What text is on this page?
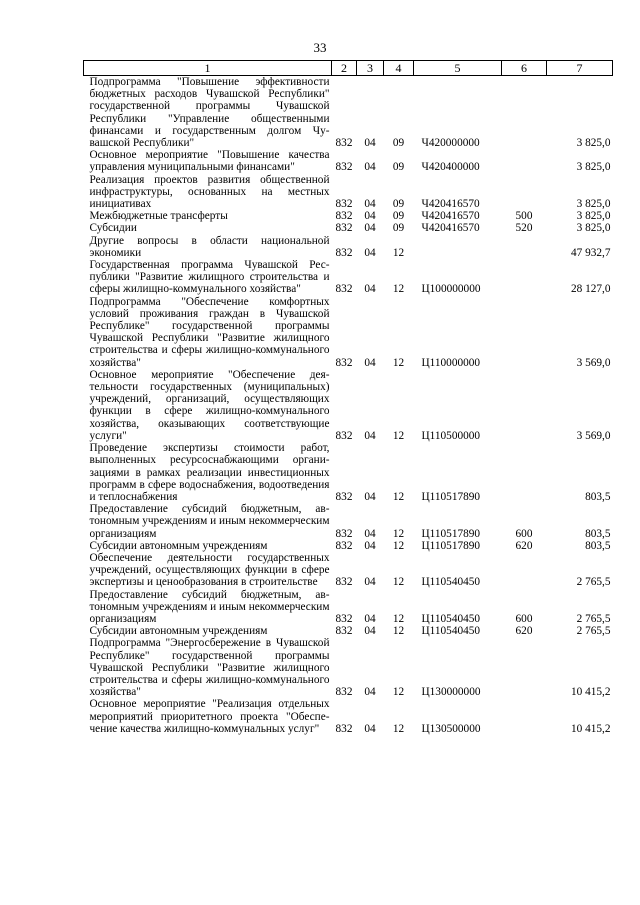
33
1	2	3	4	5	6	7
Подпрограмма "Повышение эффективности бюджетных расходов Чувашской Республики" государственной программы Чувашской Республики "Управление общественными финансами и государственным долгом Чувашской Республики"	832	04	09	Ч420000000		3 825,0
Основное мероприятие "Повышение качества управления муниципальными финансами"	832	04	09	Ч420400000		3 825,0
Реализация проектов развития общественной инфраструктуры, основанных на местных инициативах	832	04	09	Ч420416570		3 825,0
Межбюджетные трансферты	832	04	09	Ч420416570	500	3 825,0
Субсидии	832	04	09	Ч420416570	520	3 825,0
Другие вопросы в области национальной экономики	832	04	12			47 932,7
Государственная программа Чувашской Республики "Развитие жилищного строительства и сферы жилищно-коммунального хозяйства"	832	04	12	Ц100000000		28 127,0
Подпрограмма "Обеспечение комфортных условий проживания граждан в Чувашской Республике" государственной программы Чувашской Республики "Развитие жилищного строительства и сферы жилищно-коммунального хозяйства"	832	04	12	Ц110000000		3 569,0
Основное мероприятие "Обеспечение деятельности государственных (муниципальных) учреждений, организаций, осуществляющих функции в сфере жилищно-коммунального хозяйства, оказывающих соответствующие услуги"	832	04	12	Ц110500000		3 569,0
Проведение экспертизы стоимости работ, выполненных ресурсоснабжающими организациями в рамках реализации инвестиционных программ в сфере водоснабжения, водоотведения и теплоснабжения	832	04	12	Ц110517890		803,5
Предоставление субсидий бюджетным, автономным учреждениям и иным некоммерческим организациям	832	04	12	Ц110517890	600	803,5
Субсидии автономным учреждениям	832	04	12	Ц110517890	620	803,5
Обеспечение деятельности государственных учреждений, осуществляющих функции в сфере экспертизы и ценообразования в строительстве	832	04	12	Ц110540450		2 765,5
Предоставление субсидий бюджетным, автономным учреждениям и иным некоммерческим организациям	832	04	12	Ц110540450	600	2 765,5
Субсидии автономным учреждениям	832	04	12	Ц110540450	620	2 765,5
Подпрограмма "Энергосбережение в Чувашской Республике" государственной программы Чувашской Республики "Развитие жилищного строительства и сферы жилищно-коммунального хозяйства"	832	04	12	Ц130000000		10 415,2
Основное мероприятие "Реализация отдельных мероприятий приоритетного проекта "Обеспечение качества жилищно-коммунальных услуг"	832	04	12	Ц130500000		10 415,2
